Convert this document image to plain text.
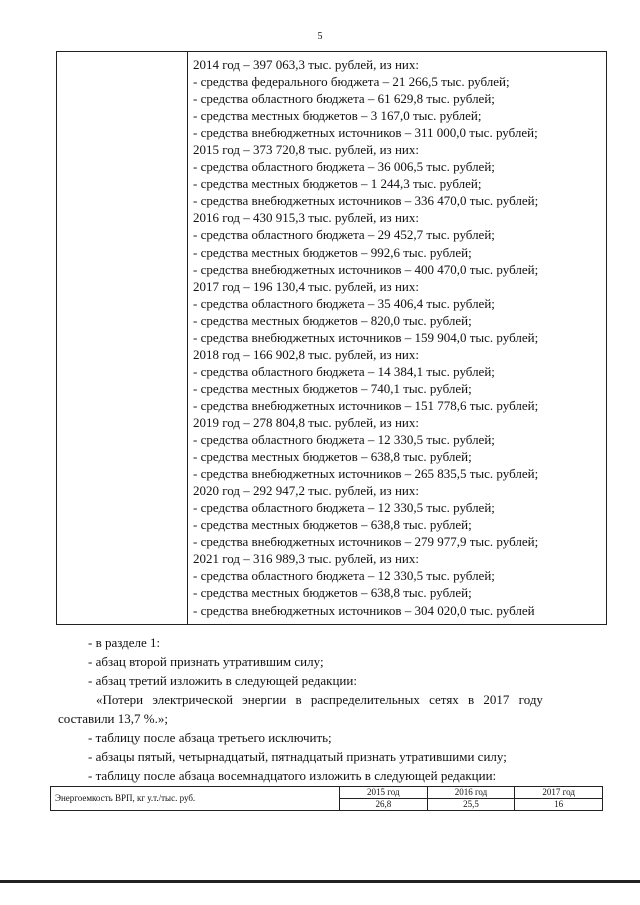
5
2014 год – 397 063,3 тыс. рублей, из них:
- средства федерального бюджета – 21 266,5 тыс. рублей;
- средства областного бюджета – 61 629,8 тыс. рублей;
- средства местных бюджетов – 3 167,0 тыс. рублей;
- средства внебюджетных источников – 311 000,0 тыс. рублей;
2015 год – 373 720,8 тыс. рублей, из них:
- средства областного бюджета – 36 006,5 тыс. рублей;
- средства местных бюджетов – 1 244,3 тыс. рублей;
- средства внебюджетных источников – 336 470,0 тыс. рублей;
2016 год – 430 915,3 тыс. рублей, из них:
- средства областного бюджета – 29 452,7 тыс. рублей;
- средства местных бюджетов – 992,6 тыс. рублей;
- средства внебюджетных источников – 400 470,0 тыс. рублей;
2017 год – 196 130,4 тыс. рублей, из них:
- средства областного бюджета – 35 406,4 тыс. рублей;
- средства местных бюджетов – 820,0 тыс. рублей;
- средства внебюджетных источников – 159 904,0 тыс. рублей;
2018 год – 166 902,8 тыс. рублей, из них:
- средства областного бюджета – 14 384,1 тыс. рублей;
- средства местных бюджетов – 740,1 тыс. рублей;
- средства внебюджетных источников – 151 778,6 тыс. рублей;
2019 год – 278 804,8 тыс. рублей, из них:
- средства областного бюджета – 12 330,5 тыс. рублей;
- средства местных бюджетов – 638,8 тыс. рублей;
- средства внебюджетных источников – 265 835,5 тыс. рублей;
2020 год – 292 947,2 тыс. рублей, из них:
- средства областного бюджета – 12 330,5 тыс. рублей;
- средства местных бюджетов – 638,8 тыс. рублей;
- средства внебюджетных источников – 279 977,9 тыс. рублей;
2021 год – 316 989,3 тыс. рублей, из них:
- средства областного бюджета – 12 330,5 тыс. рублей;
- средства местных бюджетов – 638,8 тыс. рублей;
- средства внебюджетных источников – 304 020,0 тыс. рублей
- в разделе 1:
- абзац второй признать утратившим силу;
- абзац третий изложить в следующей редакции:
«Потери электрической энергии в распределительных сетях в 2017 году
составили 13,7 %.»;
- таблицу после абзаца третьего исключить;
- абзацы пятый, четырнадцатый, пятнадцатый признать утратившими силу;
- таблицу после абзаца восемнадцатого изложить в следующей редакции:
Энергоемкость ВРП, кг у.т./тыс. руб.	2015 год	2016 год	2017 год
	26,8	25,5	16
